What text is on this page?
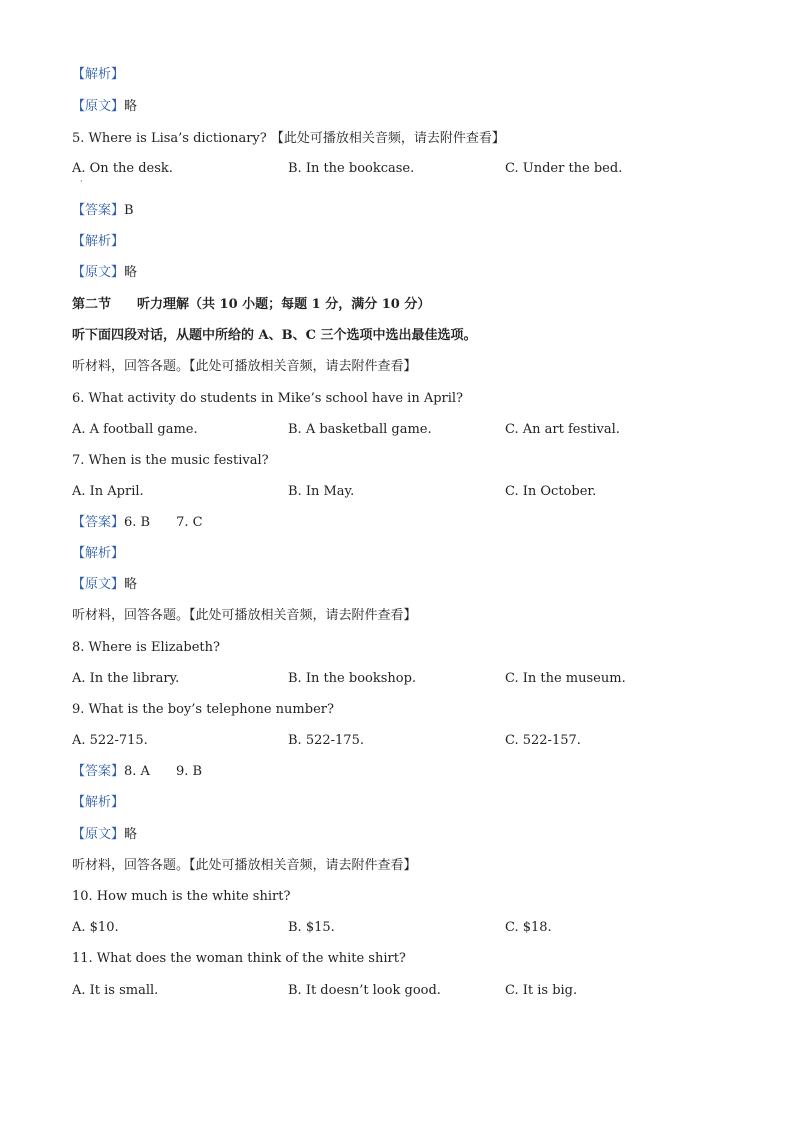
【解析】
【原文】略
5. Where is Lisa’s dictionary? 【此处可播放相关音频，请去附件查看】
A. On the desk.	B. In the bookcase.	C. Under the bed.
·
【答案】B
【解析】
【原文】略
第二节　　听力理解（共 10 小题；每题 1 分，满分 10 分）
听下面四段对话，从题中所给的 A、B、C 三个选项中选出最佳选项。
听材料，回答各题。【此处可播放相关音频，请去附件查看】
6. What activity do students in Mike’s school have in April?
A. A football game.	B. A basketball game.	C. An art festival.
7. When is the music festival?
A. In April.	B. In May.	C. In October.
【答案】6. B 7. C
【解析】
【原文】略
听材料，回答各题。【此处可播放相关音频，请去附件查看】
8. Where is Elizabeth?
A. In the library.	B. In the bookshop.	C. In the museum.
9. What is the boy’s telephone number?
A. 522-715.	B. 522-175.	C. 522-157.
【答案】8. A 9. B
【解析】
【原文】略
听材料，回答各题。【此处可播放相关音频，请去附件查看】
10. How much is the white shirt?
A. $10.	B. $15.	C. $18.
11. What does the woman think of the white shirt?
A. It is small.	B. It doesn’t look good.	C. It is big.
